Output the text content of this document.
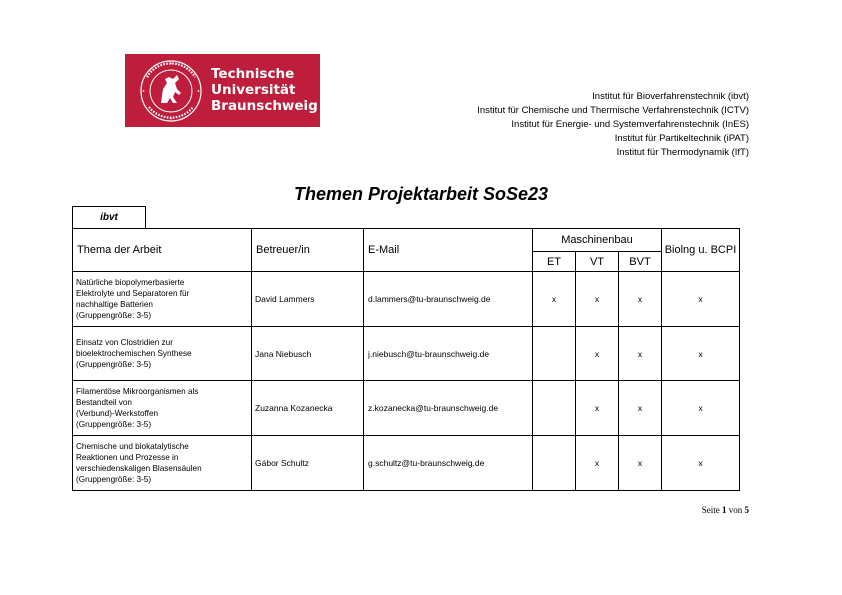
·	Technische
Universität
Braunschweig
Institut für Bioverfahrenstechnik (ibvt)
Institut für Chemische und Thermische Verfahrenstechnik (ICTV)
Institut für Energie- und Systemverfahrenstechnik (InES)
Institut für Partikeltechnik (iPAT)
Institut für Thermodynamik (IfT)
Themen Projektarbeit SoSe23
ibvt
Thema der Arbeit	Betreuer/in	E-Mail	Maschinenbau			Biolng u. BCPI
			ET	VT	BVT	

Natürliche biopolymerbasierte
Elektrolyte und Separatoren für
nachhaltige Batterien
(Gruppengröße: 3-5)	David Lammers	d.lammers@tu-braunschweig.de	x	x	x	x

Einsatz von Clostridien zur
bioelektrochemischen Synthese
(Gruppengröße: 3-5)	Jana Niebusch	j.niebusch@tu-braunschweig.de		x	x	x

Filamentöse Mikroorganismen als
Bestandteil von
(Verbund)-Werkstoffen
(Gruppengröße: 3-5)	Zuzanna Kozanecka	z.kozanecka@tu-braunschweig.de		x	x	x

Chemische und biokatalytische
Reaktionen und Prozesse in
verschiedenskaligen Blasensäulen
(Gruppengröße: 3-5)	Gábor Schultz	g.schultz@tu-braunschweig.de		x	x	x
Seite 1 von 5
